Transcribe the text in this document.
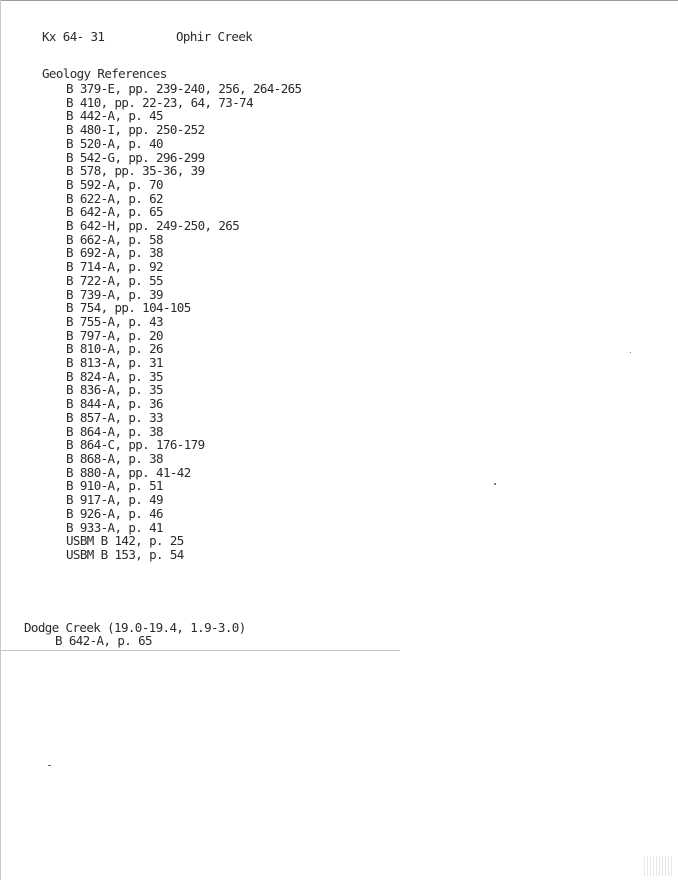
Kx 64- 31	Ophir Creek
Geology References
B 379-E, pp. 239-240, 256, 264-265
B 410, pp. 22-23, 64, 73-74
B 442-A, p. 45
B 480-I, pp. 250-252
B 520-A, p. 40
B 542-G, pp. 296-299
B 578, pp. 35-36, 39
B 592-A, p. 70
B 622-A, p. 62
B 642-A, p. 65
B 642-H, pp. 249-250, 265
B 662-A, p. 58
B 692-A, p. 38
B 714-A, p. 92
B 722-A, p. 55
B 739-A, p. 39
B 754, pp. 104-105
B 755-A, p. 43
B 797-A, p. 20
B 810-A, p. 26
B 813-A, p. 31
B 824-A, p. 35
B 836-A, p. 35
B 844-A, p. 36
B 857-A, p. 33
B 864-A, p. 38
B 864-C, pp. 176-179
B 868-A, p. 38
B 880-A, pp. 41-42
B 910-A, p. 51
B 917-A, p. 49
B 926-A, p. 46
B 933-A, p. 41
USBM B 142, p. 25
USBM B 153, p. 54
Dodge Creek (19.0-19.4, 1.9-3.0)
B 642-A, p. 65
